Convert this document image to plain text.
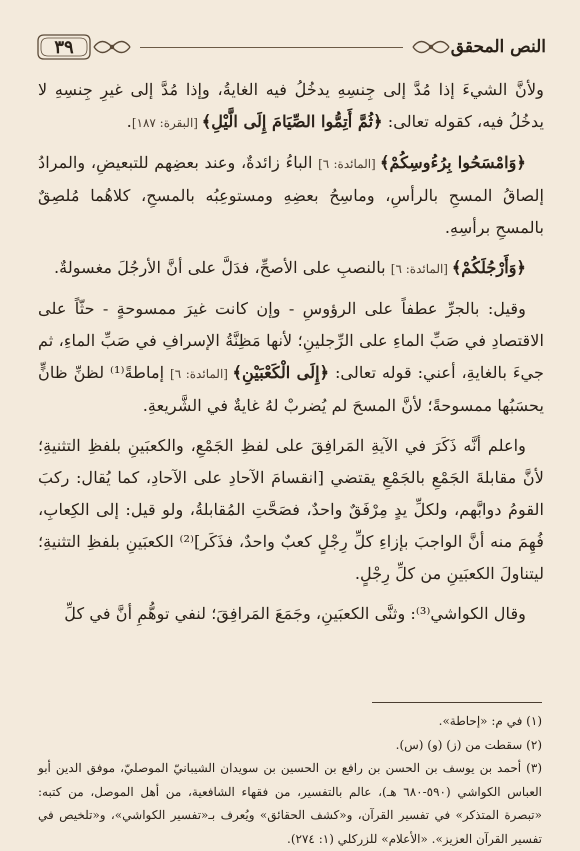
النص المحقق
٣٩

ولأنَّ الشيءَ إذا مُدَّ إلى جِنسِهِ يدخُلُ فيه الغايةُ، وإذا مُدَّ إلى غيرِ جِنسِهِ لا يدخُلُ فيه، كقوله تعالى: ﴿ثُمَّ أَتِمُّوا الصِّيَامَ إِلَى الَّيْلِ﴾ [البقرة: ١٨٧].

﴿وَامْسَحُوا بِرُءُوسِكُمْ﴾ [المائدة: ٦] الباءُ زائدةٌ، وعند بعضِهم للتبعيضِ، والمرادُ إلصاقُ المسحِ بالرأسِ، وماسِحُ بعضِهِ ومستوعِبُه بالمسحِ، كلاهُما مُلصِقٌ بالمسحِ برأسِهِ.

﴿وَأَرْجُلَكُمْ﴾ [المائدة: ٦] بالنصبِ على الأصحِّ، فدَلَّ على أنَّ الأرجُلَ مغسولةٌ.

وقيل: بالجرِّ عطفاً على الرؤوسِ - وإن كانت غيرَ ممسوحةٍ - حثّاً على الاقتصادِ في صَبِّ الماءِ على الرِّجلينِ؛ لأنها مَظِنَّةُ الإسرافِ في صَبِّ الماءِ، ثم جيءَ بالغايةِ، أعني: قوله تعالى: ﴿إِلَى الْكَعْبَيْنِ﴾ [المائدة: ٦] إماطةً⁽¹⁾ لظنِّ ظانٍّ يحسَبُها ممسوحةً؛ لأنَّ المسحَ لم يُضربْ لهُ غايةٌ في الشَّريعةِ.

واعلم أنَّه ذَكَرَ في الآيةِ المَرافِقَ على لفظِ الجَمْعِ، والكعبَينِ بلفظِ التثنيةِ؛ لأنَّ مقابلةَ الجَمْعِ بالجَمْعِ يقتضي [انقسامَ الآحادِ على الآحادِ، كما يُقال: ركبَ القومُ دوابَّهم، ولكلِّ يدٍ مِرْفَقٌ واحدٌ، فصَحَّتِ المُقابلةُ، ولو قيل: إلى الكِعابِ، فُهِمَ منه أنَّ الواجبَ بإزاءِ كلِّ رِجْلٍ كعبٌ واحدٌ، فذَكَر]⁽²⁾ الكعبَينِ بلفظِ التثنيةِ؛ ليتناولَ الكعبَينِ من كلِّ رِجْلٍ.

وقال الكواشي⁽³⁾: وثنَّى الكعبَينِ، وجَمَعَ المَرافِقَ؛ لنفي توهُّمِ أنَّ في كلِّ

(١) في م: «إحاطة».
(٢) سقطت من (ز) (و) (س).
(٣) أحمد بن يوسف بن الحسن بن رافع بن الحسين بن سويدان الشيبانيّ الموصليّ، موفق الدين أبو العباس الكواشي (٥٩٠-٦٨٠ هـ)، عالم بالتفسير، من فقهاء الشافعية، من أهل الموصل، من كتبه: «تبصرة المتذكر» في تفسير القرآن، و«كشف الحقائق» ويُعرف بـ«تفسير الكواشي»، و«تلخيص في تفسير القرآن العزيز». «الأعلام» للزركلي (١: ٢٧٤).
